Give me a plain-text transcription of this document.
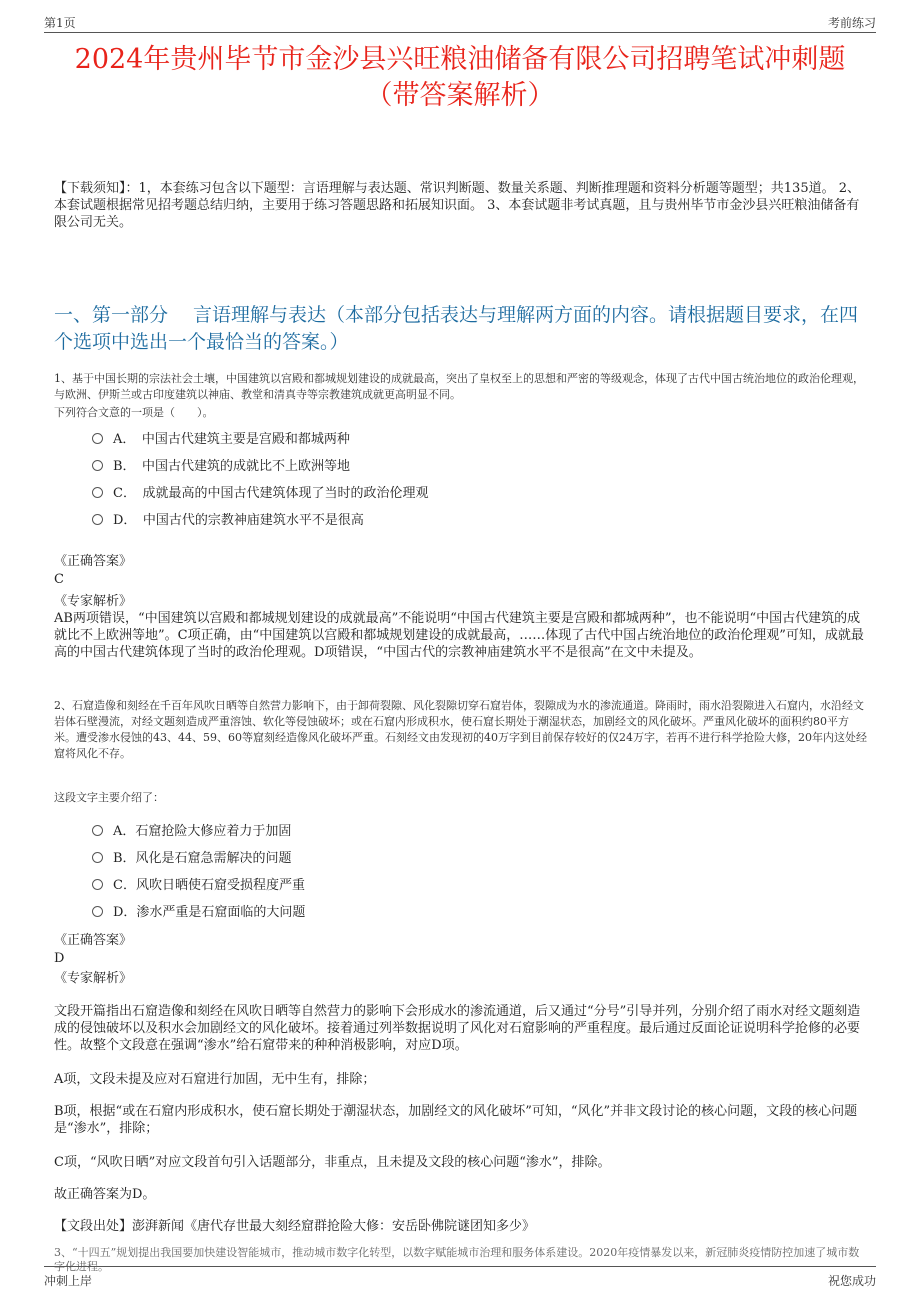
第1页	考前练习
2024年贵州毕节市金沙县兴旺粮油储备有限公司招聘笔试冲刺题（带答案解析）
【下载须知】：1，本套练习包含以下题型：言语理解与表达题、常识判断题、数量关系题、判断推理题和资料分析题等题型；共135道。 2、本套试题根据常见招考题总结归纳，主要用于练习答题思路和拓展知识面。 3、本套试题非考试真题，且与贵州毕节市金沙县兴旺粮油储备有限公司无关。
一、第一部分　 言语理解与表达（本部分包括表达与理解两方面的内容。请根据题目要求，在四个选项中选出一个最恰当的答案。）
1、基于中国长期的宗法社会土壤，中国建筑以宫殿和都城规划建设的成就最高，突出了皇权至上的思想和严密的等级观念，体现了古代中国古统治地位的政治伦理观，与欧洲、伊斯兰或古印度建筑以神庙、教堂和清真寺等宗教建筑成就更高明显不同。
下列符合文意的一项是（　　）。
A．　中国古代建筑主要是宫殿和都城两种
B．　中国古代建筑的成就比不上欧洲等地
C．　成就最高的中国古代建筑体现了当时的政治伦理观
D．　中国古代的宗教神庙建筑水平不是很高
《正确答案》
C
《专家解析》
AB两项错误，“中国建筑以宫殿和都城规划建设的成就最高”不能说明“中国古代建筑主要是宫殿和都城两种”，也不能说明“中国古代建筑的成就比不上欧洲等地”。C项正确，由“中国建筑以宫殿和都城规划建设的成就最高，……体现了古代中国占统治地位的政治伦理观”可知，成就最高的中国古代建筑体现了当时的政治伦理观。D项错误，“中国古代的宗教神庙建筑水平不是很高”在文中未提及。
2、石窟造像和刻经在千百年风吹日晒等自然营力影响下，由于卸荷裂隙、风化裂隙切穿石窟岩体，裂隙成为水的渗流通道。降雨时，雨水沿裂隙进入石窟内，水沿经文岩体石壁漫流，对经文题刻造成严重溶蚀、软化等侵蚀破坏；或在石窟内形成积水，使石窟长期处于潮湿状态，加剧经文的风化破坏。严重风化破坏的面积约80平方米。遭受渗水侵蚀的43、44、59、60等窟刻经造像风化破坏严重。石刻经文由发现初的40万字到目前保存较好的仅24万字，若再不进行科学抢险大修，20年内这处经窟将风化不存。
这段文字主要介绍了：
A．石窟抢险大修应着力于加固
B．风化是石窟急需解决的问题
C．风吹日晒使石窟受损程度严重
D．渗水严重是石窟面临的大问题
《正确答案》
D
《专家解析》
文段开篇指出石窟造像和刻经在风吹日晒等自然营力的影响下会形成水的渗流通道，后又通过“分号”引导并列，分别介绍了雨水对经文题刻造成的侵蚀破坏以及积水会加剧经文的风化破坏。接着通过列举数据说明了风化对石窟影响的严重程度。最后通过反面论证说明科学抢修的必要性。故整个文段意在强调“渗水”给石窟带来的种种消极影响，对应D项。
A项，文段未提及应对石窟进行加固，无中生有，排除；
B项，根据“或在石窟内形成积水，使石窟长期处于潮湿状态，加剧经文的风化破坏”可知，“风化”并非文段讨论的核心问题，文段的核心问题是“渗水”，排除；
C项，“风吹日晒”对应文段首句引入话题部分，非重点，且未提及文段的核心问题“渗水”，排除。
故正确答案为D。
【文段出处】澎湃新闻《唐代存世最大刻经窟群抢险大修：安岳卧佛院谜团知多少》
3、“十四五”规划提出我国要加快建设智能城市，推动城市数字化转型，以数字赋能城市治理和服务体系建设。2020年疫情暴发以来，新冠肺炎疫情防控加速了城市数字化进程。
冲刺上岸	祝您成功
